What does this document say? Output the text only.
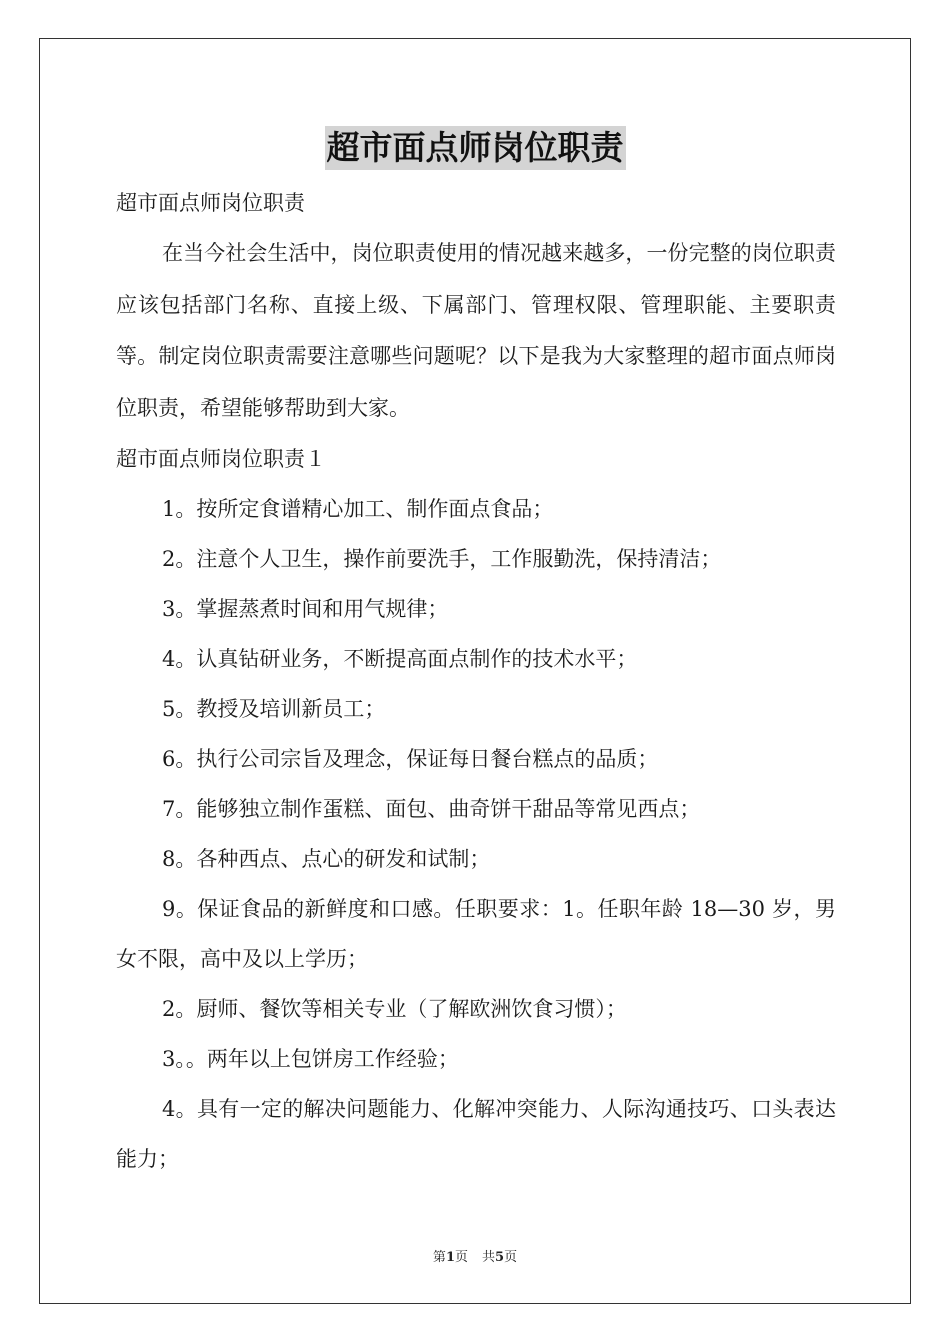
超市面点师岗位职责

超市面点师岗位职责

在当今社会生活中，岗位职责使用的情况越来越多，一份完整的岗位职责应该包括部门名称、直接上级、下属部门、管理权限、管理职能、主要职责等。制定岗位职责需要注意哪些问题呢？以下是我为大家整理的超市面点师岗位职责，希望能够帮助到大家。

超市面点师岗位职责１

1。按所定食谱精心加工、制作面点食品；

2。注意个人卫生，操作前要洗手，工作服勤洗，保持清洁；

3。掌握蒸煮时间和用气规律；

4。认真钻研业务，不断提高面点制作的技术水平；

5。教授及培训新员工；

6。执行公司宗旨及理念，保证每日餐台糕点的品质；

7。能够独立制作蛋糕、面包、曲奇饼干甜品等常见西点；

8。各种西点、点心的研发和试制；

9。保证食品的新鲜度和口感。任职要求：1。任职年龄 18—30 岁，男女不限，高中及以上学历；

2。厨师、餐饮等相关专业（了解欧洲饮食习惯）；

3。。两年以上包饼房工作经验；

4。具有一定的解决问题能力、化解冲突能力、人际沟通技巧、口头表达能力；

第1页 共5页
